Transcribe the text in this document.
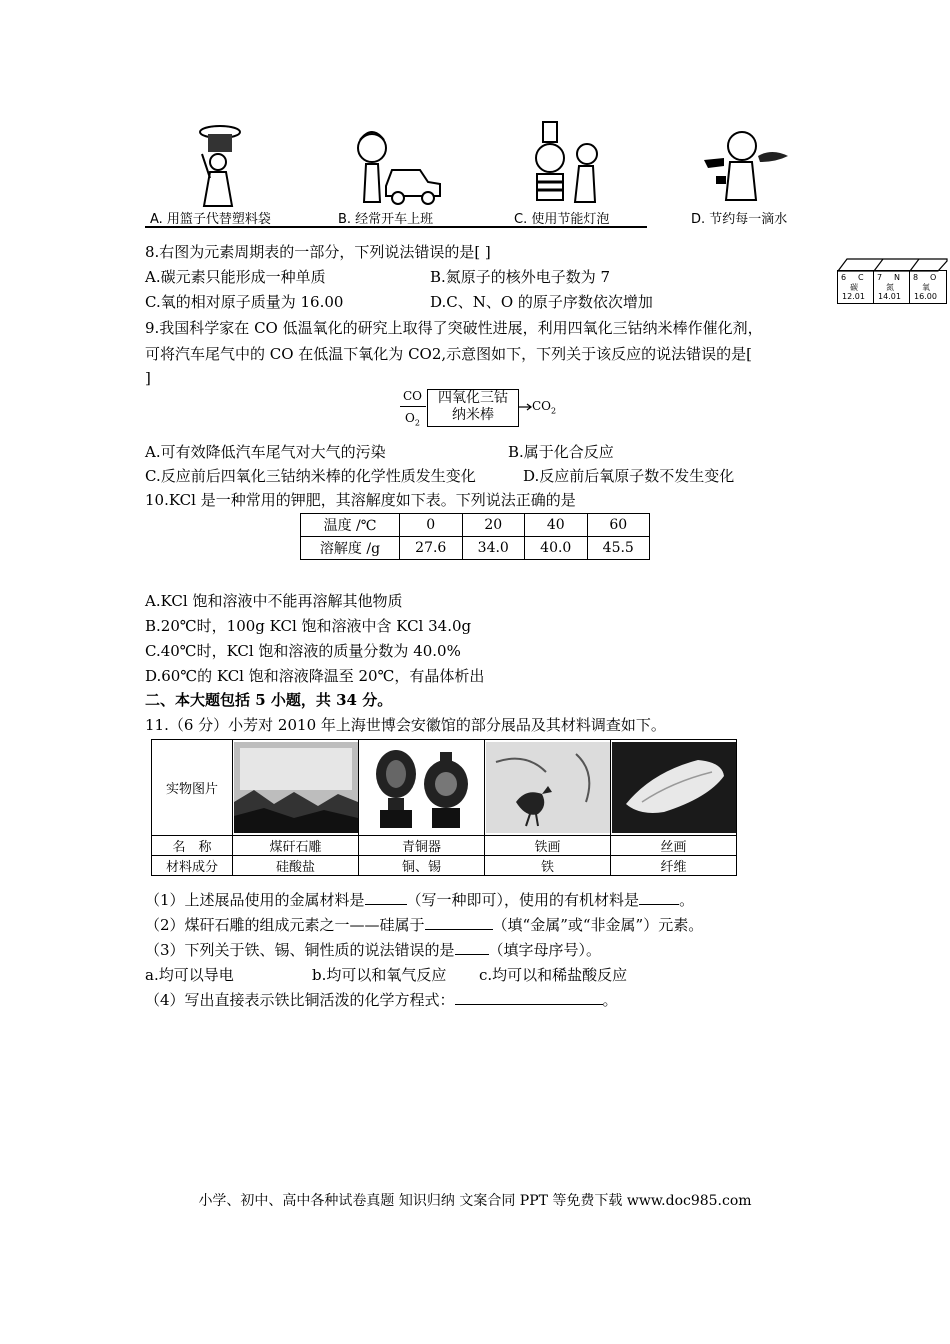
A. 用篮子代替塑料袋	B. 经常开车上班	C. 使用节能灯泡	D. 节约每一滴水
8.右图为元素周期表的一部分，下列说法错误的是[ ]
A.碳元素只能形成一种单质	B.氮原子的核外电子数为 7
C.氧的相对原子质量为 16.00	D.C、N、O 的原子序数依次增加
6 C
碳
12.01
7 N
氮
14.01
8 O
氧
16.00
9.我国科学家在 CO 低温氧化的研究上取得了突破性进展，利用四氧化三钴纳米棒作催化剂，
可将汽车尾气中的 CO 在低温下氧化为 CO2,示意图如下，下列关于该反应的说法错误的是[
]
CO
$O_2$
四氧化三钴
纳米棒
$CO_2$
A.可有效降低汽车尾气对大气的污染	B.属于化合反应
C.反应前后四氧化三钴纳米棒的化学性质发生变化	D.反应前后氧原子数不发生变化
10.KCl 是一种常用的钾肥，其溶解度如下表。下列说法正确的是
温度 /℃	0	20	40	60
溶解度 /g	27.6	34.0	40.0	45.5
A.KCl 饱和溶液中不能再溶解其他物质
B.20℃时，100g KCl 饱和溶液中含 KCl 34.0g
C.40℃时，KCl 饱和溶液的质量分数为 40.0%
D.60℃的 KCl 饱和溶液降温至 20℃，有晶体析出
二、本大题包括 5 小题，共 34 分。
11.（6 分）小芳对 2010 年上海世博会安徽馆的部分展品及其材料调查如下。
实物图片	

名　称	煤矸石雕	青铜器	铁画	丝画
材料成分	硅酸盐	铜、锡	铁	纤维
（1）上述展品使用的金属材料是	（写一种即可），使用的有机材料是	。
（2）煤矸石雕的组成元素之一——硅属于	（填“金属”或“非金属”）元素。
（3）下列关于铁、锡、铜性质的说法错误的是 （填字母序号）。
a.均可以导电	b.均可以和氧气反应 c.均可以和稀盐酸反应
（4）写出直接表示铁比铜活泼的化学方程式：	。
小学、初中、高中各种试卷真题 知识归纳 文案合同 PPT 等免费下载 www.doc985.com
